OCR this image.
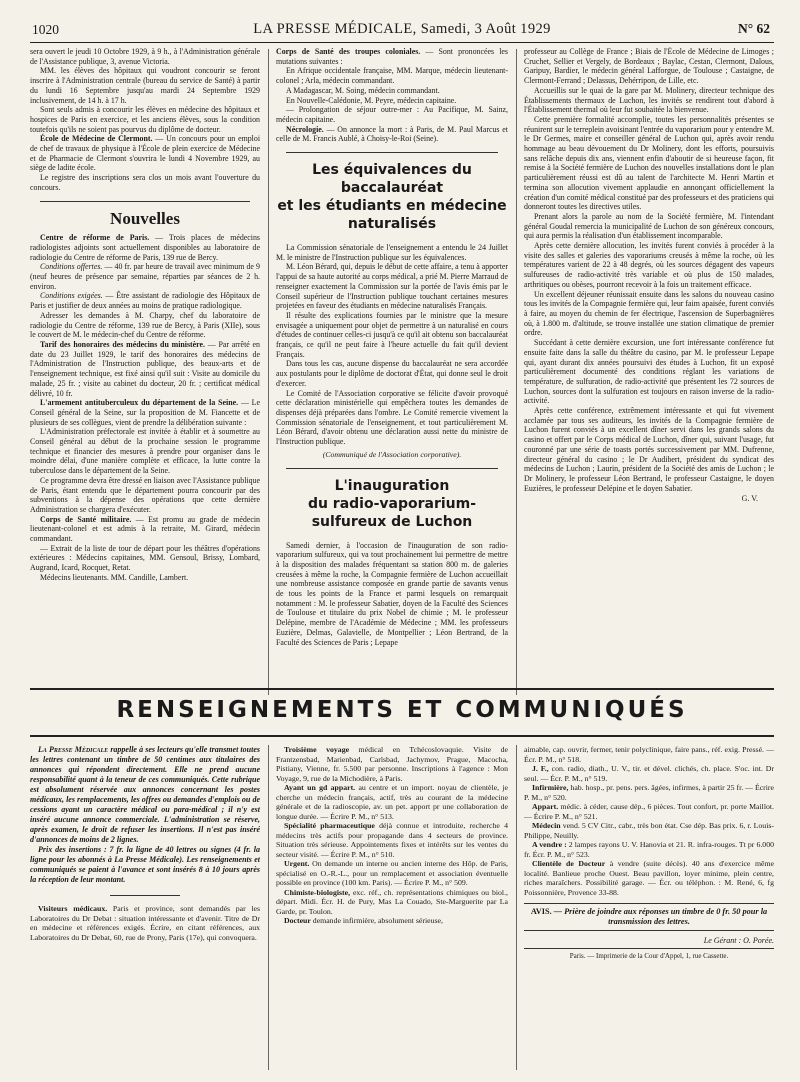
1020	LA PRESSE MÉDICALE, Samedi, 3 Août 1929	N° 62

sera ouvert le jeudi 10 Octobre 1929, à 9 h., à l'Administration générale de l'Assistance publique, 3, avenue Victoria.

MM. les élèves des hôpitaux qui voudront concourir se feront inscrire à l'Administration centrale (bureau du service de Santé) à partir du lundi 16 Septembre jusqu'au mardi 24 Septembre 1929 inclusivement, de 14 h. à 17 h.

Sont seuls admis à concourir les élèves en médecine des hôpitaux et hospices de Paris en exercice, et les anciens élèves, sous la condition toutefois qu'ils ne soient pas pourvus du diplôme de docteur.

École de Médecine de Clermont. — Un concours pour un emploi de chef de travaux de physique à l'École de plein exercice de Médecine et de Pharmacie de Clermont s'ouvrira le lundi 4 Novembre 1929, au siège de ladite école.

Le registre des inscriptions sera clos un mois avant l'ouverture du concours.

Nouvelles

Centre de réforme de Paris. — Trois places de médecins radiologistes adjoints sont actuellement disponibles au laboratoire de radiologie du Centre de réforme de Paris, 139 rue de Bercy.

Conditions offertes. — 40 fr. par heure de travail avec minimum de 9 (neuf heures de présence par semaine, réparties par séances de 2 h. environ.

Conditions exigées. — Être assistant de radiologie des Hôpitaux de Paris et justifier de deux années au moins de pratique radiologique.

Adresser les demandes à M. Charpy, chef du laboratoire de radiologie du Centre de réforme, 139 rue de Bercy, à Paris (XIIe), sous le couvert de M. le médecin-chef du Centre de réforme.

Tarif des honoraires des médecins du ministère. — Par arrêté en date du 23 Juillet 1929, le tarif des honoraires des médecins de l'Administration de l'Instruction publique, des beaux-arts et de l'enseignement technique, est fixé ainsi qu'il suit : Visite au domicile du malade, 25 fr. ; visite au cabinet du docteur, 20 fr. ; certificat médical délivré, 10 fr.

L'armement antituberculeux du département de la Seine. — Le Conseil général de la Seine, sur la proposition de M. Fiancette et de plusieurs de ses collègues, vient de prendre la délibération suivante :

L'Administration préfectorale est invitée à établir et à soumettre au Conseil général au début de la prochaine session le programme technique et financier des mesures à prendre pour organiser dans le moindre délai, d'une manière complète et efficace, la lutte contre la tuberculose dans le département de la Seine.

Ce programme devra être dressé en liaison avec l'Assistance publique de Paris, étant entendu que le département pourra concourir par des subventions à la dépense des opérations que cette dernière Administration se chargera d'exécuter.

Corps de Santé militaire. — Est promu au grade de médecin lieutenant-colonel et est admis à la retraite, M. Girard, médecin commandant.

— Extrait de la liste de tour de départ pour les théâtres d'opérations extérieures : Médecins capitaines, MM. Gensoul, Brissy, Lombard, Augrand, Icard, Rocquet, Retat.

Médecins lieutenants. MM. Candille, Lambert.

Corps de Santé des troupes coloniales. — Sont prononcées les mutations suivantes :

En Afrique occidentale française, MM. Marque, médecin lieutenant-colonel ; Arla, médecin commandant.

A Madagascar, M. Soing, médecin commandant.

En Nouvelle-Calédonie, M. Peyre, médecin capitaine.

— Prolongation de séjour outre-mer : Au Pacifique, M. Sainz, médecin capitaine.

Nécrologie. — On annonce la mort : à Paris, de M. Paul Marcus et celle de M. Francis Aublé, à Choisy-le-Roi (Seine).

Les équivalences du baccalauréat
et les étudiants en médecine naturalisés

La Commission sénatoriale de l'enseignement a entendu le 24 Juillet M. le ministre de l'Instruction publique sur les équivalences.

M. Léon Bérard, qui, depuis le début de cette affaire, a tenu à apporter l'appui de sa haute autorité au corps médical, a prié M. Pierre Marraud de renseigner exactement la Commission sur la portée de l'avis émis par le Conseil supérieur de l'Instruction publique touchant certaines mesures projetées en faveur des étudiants en médecine naturalisés Français.

Il résulte des explications fournies par le ministre que la mesure envisagée a uniquement pour objet de permettre à un naturalisé en cours d'études de continuer celles-ci jusqu'à ce qu'il ait obtenu son baccalauréat français, ce qu'il ne peut faire à l'heure actuelle du fait qu'il devient Français.

Dans tous les cas, aucune dispense du baccalauréat ne sera accordée aux postulants pour le diplôme de doctorat d'État, qui donne seul le droit d'exercer.

Le Comité de l'Association corporative se félicite d'avoir provoqué cette déclaration ministérielle qui empêchera toutes les demandes de dispenses déjà préparées dans l'ombre. Le Comité remercie vivement la Commission sénatoriale de l'enseignement, et tout particulièrement M. Léon Bérard, d'avoir obtenu une déclaration aussi nette du ministre de l'Instruction publique.

(Communiqué de l'Association corporative).
L'inauguration
du radio-vaporarium-sulfureux de Luchon

Samedi dernier, à l'occasion de l'inauguration de son radio-vaporarium sulfureux, qui va tout prochainement lui permettre de mettre à la disposition des malades fréquentant sa station 800 m. de galeries creusées à même la roche, la Compagnie fermière de Luchon accueillait une nombreuse assistance composée en grande partie de savants venus de tous les points de la France et parmi lesquels on remarquait notamment : M. le professeur Sabatier, doyen de la Faculté des Sciences de Toulouse et titulaire du prix Nobel de chimie ; M. le professeur Delépine, membre de l'Académie de Médecine ; MM. les professeurs Euzière, Delmas, Galavielle, de Montpellier ; Léon Bertrand, de la Faculté des Sciences de Paris ; Lepape

professeur au Collège de France ; Biais de l'École de Médecine de Limoges ; Cruchet, Sellier et Vergely, de Bordeaux ; Baylac, Cestan, Clermont, Dalous, Garipuy, Bardier, le médecin général Lafforgue, de Toulouse ; Castaigne, de Clermont-Ferrand ; Delassus, Dehérripon, de Lille, etc.

Accueillis sur le quai de la gare par M. Molinery, directeur technique des Établissements thermaux de Luchon, les invités se rendirent tout d'abord à l'Établissement thermal où leur fut souhaitée la bienvenue.

Cette première formalité accomplie, toutes les personnalités présentes se réunirent sur le terreplein avoisinant l'entrée du vaporarium pour y entendre M. le Dr Germes, maire et conseiller général de Luchon qui, après avoir rendu hommage au beau dévouement du Dr Molinery, dont les efforts, poursuivis sans relâche depuis dix ans, viennent enfin d'aboutir de si heureuse façon, fit remise à la Société fermière de Luchon des nouvelles installations dont le plan particulièrement réussi est dû au talent de l'architecte M. Henri Martin et termina son allocution vivement applaudie en annonçant officiellement la création d'un comité médical constitué par des professeurs et des praticiens qui donneront toutes les directives utiles.

Prenant alors la parole au nom de la Société fermière, M. l'intendant général Goudal remercia la municipalité de Luchon de son généreux concours, qui aura permis la réalisation d'un établissement incomparable.

Après cette dernière allocution, les invités furent conviés à procéder à la visite des salles et galeries des vaporariums creusés à même la roche, où les températures varient de 22 à 48 degrés, où les sources dégagent des vapeurs sulfureuses de radio-activité très variable et où plus de 150 malades, arthritiques ou obèses, pourront recevoir à la fois un traitement efficace.

Un excellent déjeuner réunissait ensuite dans les salons du nouveau casino tous les invités de la Compagnie fermière qui, leur faim apaisée, furent conviés à faire, au moyen du chemin de fer électrique, l'ascension de Superbagnières où, à 1.800 m. d'altitude, se trouve installée une station climatique de premier ordre.

Succédant à cette dernière excursion, une fort intéressante conférence fut ensuite faite dans la salle du théâtre du casino, par M. le professeur Lepape qui, ayant durant dix années poursuivi des études à Luchon, fit un exposé particulièrement documenté des conditions réglant les variations de température, de sulfuration, de radio-activité que présentent les 72 sources de Luchon, sources dont la sulfuration est toujours en raison inverse de la radio-activité.

Après cette conférence, extrêmement intéressante et qui fut vivement acclamée par tous ses auditeurs, les invités de la Compagnie fermière de Luchon furent conviés à un excellent dîner servi dans les grands salons du casino et offert par le Corps médical de Luchon, dîner qui, suivant l'usage, fut couronné par une série de toasts portés successivement par MM. Dufrenne, directeur général du casino ; le Dr Audibert, président du syndicat des médecins de Luchon ; Laurin, président de la Société des amis de Luchon ; le Dr Molinery, le professeur Léon Bertrand, le professeur Castaigne, le doyen Euzières, le professeur Delépine et le doyen Sabatier.

G. V.
RENSEIGNEMENTS ET COMMUNIQUÉS

La Presse Médicale rappelle à ses lecteurs qu'elle transmet toutes les lettres contenant un timbre de 50 centimes aux titulaires des annonces qui répondent directement. Elle ne prend aucune responsabilité quant à la teneur de ces communiqués. Cette rubrique est absolument réservée aux annonces concernant les postes médicaux, les remplacements, les offres ou demandes d'emplois ou de cessions ayant un caractère médical ou para-médical ; il n'y est inséré aucune annonce commerciale. L'administration se réserve, après examen, le droit de refuser les insertions. Il n'est pas inséré d'annonces de moins de 2 lignes.

Prix des insertions : 7 fr. la ligne de 40 lettres ou signes (4 fr. la ligne pour les abonnés à La Presse Médicale). Les renseignements et communiqués se paient à l'avance et sont insérés 8 à 10 jours après la réception de leur montant.

Visiteurs médicaux. Paris et province, sont demandés par les Laboratoires du Dr Debat : situation intéressante et d'avenir. Titre de Dr en médecine et références exigés. Écrire, en citant références, aux Laboratoires du Dr Debat, 60, rue de Prony, Paris (17e), qui convoquera.

Troisième voyage médical en Tchécoslovaquie. Visite de Frantzensbad, Marienbad, Carlsbad, Jachymov, Prague, Macocha, Pistiany, Vienne, fr. 5.500 par personne. Inscriptions à l'agence : Mon Voyage, 9, rue de la Michodière, à Paris.

Ayant un gd appart. au centre et un import. noyau de clientèle, je cherche un médecin français, actif, très au courant de la médecine générale et de la radioscopie, av. un pet. apport pr une collaboration de longue durée. — Écrire P. M., n° 513.

Spécialité pharmaceutique déjà connue et introduite, recherche 4 médecins très actifs pour propagande dans 4 secteurs de province. Situation très sérieuse. Appointements fixes et intérêts sur les ventes du secteur visité. — Écrire P. M., n° 510.

Urgent. On demande un interne ou ancien interne des Hôp. de Paris, spécialisé en O.-R.-L., pour un remplacement et association éventuelle possible en province (100 km. Paris). — Écrire P. M., n° 509.

Chimiste-biologiste, exc. réf., ch. représentations chimiques ou biol., départ. Midi. Écr. H. de Pury, Mas La Couado, Ste-Marguerite par La Garde, pr. Toulon.

Docteur demande infirmière, absolument sérieuse,

aimable, cap. ouvrir, fermer, tenir polyclinique, faire pans., réf. exig. Pressé. — Écr. P. M., n° 518.

J. F., con. radio, diath., U. V., tir. et dével. clichés, ch. place. S'oc. int. Dr seul. — Écr. P. M., n° 519.

Infirmière, hab. hosp., pr. pens. pers. âgées, infirmes, à partir 25 fr. — Écrire P. M., n° 520.

Appart. médic. à céder, cause dép., 6 pièces. Tout confort, pr. porte Maillot. — Écrire P. M., n° 521.

Médecin vend. 5 CV Citr., cabr., très bon état. Cse dép. Bas prix. 6, r. Louis-Philippe, Neuilly.

A vendre : 2 lampes rayons U. V. Hanovia et 21. R. infra-rouges. Tt pr 6.000 fr. Écr. P. M., n° 523.

Clientèle de Docteur à vendre (suite décès). 40 ans d'exercice même localité. Banlieue proche Ouest. Beau pavillon, loyer minime, plein centre, riches maraîchers. Possibilité garage. — Écr. ou téléphon. : M. René, 6, fg Poissonnière, Provence 33-88.

AVIS. — Prière de joindre aux réponses un timbre de 0 fr. 50 pour la transmission des lettres.
Le Gérant : O. Porée.
Paris. — Imprimerie de la Cour d'Appel, 1, rue Cassette.
